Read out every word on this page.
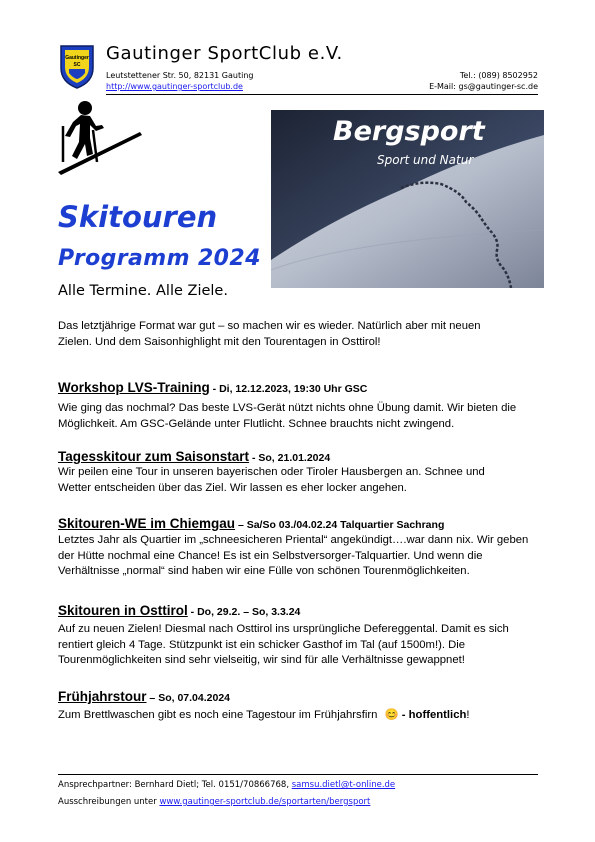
Gautinger
SC
Gautinger SportClub e.V.
Leutstettener Str. 50, 82131 Gauting	Tel.: (089) 8502952
http://www.gautinger-sportclub.de	E-Mail: gs@gautinger-sc.de
Bergsport
Sport und Natur
Skitouren
Programm 2024
Alle Termine. Alle Ziele.
Das letztjährige Format war gut – so machen wir es wieder. Natürlich aber mit neuen
Zielen. Und dem Saisonhighlight mit den Tourentagen in Osttirol!
Workshop LVS-Training - Di, 12.12.2023, 19:30 Uhr GSC
Wie ging das nochmal? Das beste LVS-Gerät nützt nichts ohne Übung damit. Wir bieten die
Möglichkeit. Am GSC-Gelände unter Flutlicht. Schnee brauchts nicht zwingend.
Tagesskitour zum Saisonstart - So, 21.01.2024
Wir peilen eine Tour in unseren bayerischen oder Tiroler Hausbergen an. Schnee und
Wetter entscheiden über das Ziel. Wir lassen es eher locker angehen.
Skitouren-WE im Chiemgau – Sa/So 03./04.02.24 Talquartier Sachrang
Letztes Jahr als Quartier im „schneesicheren Priental“ angekündigt….war dann nix. Wir geben
der Hütte nochmal eine Chance! Es ist ein Selbstversorger-Talquartier. Und wenn die
Verhältnisse „normal“ sind haben wir eine Fülle von schönen Tourenmöglichkeiten.
Skitouren in Osttirol - Do, 29.2. – So, 3.3.24
Auf zu neuen Zielen! Diesmal nach Osttirol ins ursprüngliche Defereggental. Damit es sich
rentiert gleich 4 Tage. Stützpunkt ist ein schicker Gasthof im Tal (auf 1500m!). Die
Tourenmöglichkeiten sind sehr vielseitig, wir sind für alle Verhältnisse gewappnet!
Frühjahrstour – So, 07.04.2024
Zum Brettlwaschen gibt es noch eine Tagestour im Frühjahrsfirn 😊 - hoffentlich!
Ansprechpartner: Bernhard Dietl; Tel. 0151/70866768, samsu.dietl@t-online.de
Ausschreibungen unter www.gautinger-sportclub.de/sportarten/bergsport
